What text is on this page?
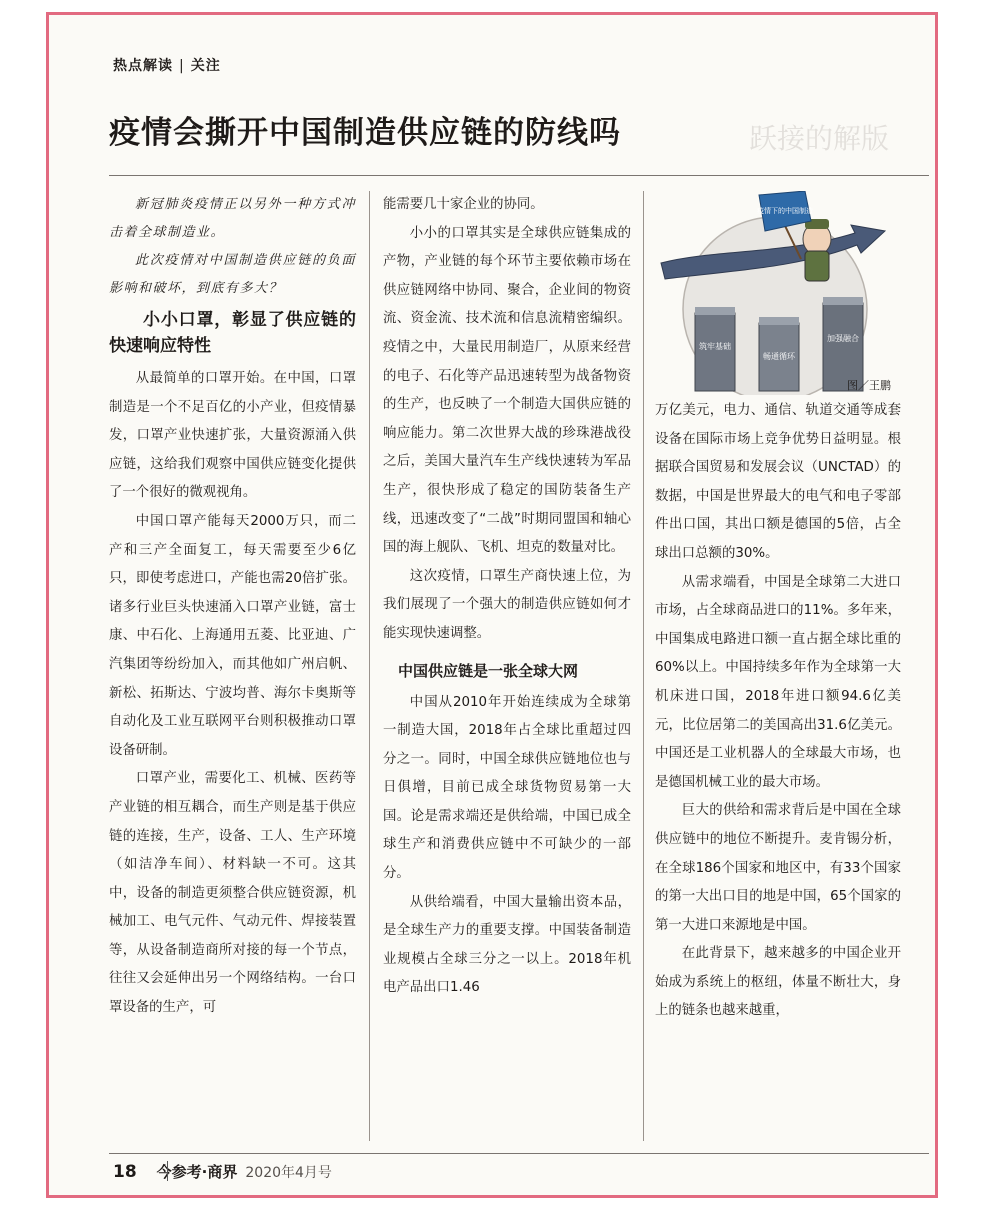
热点解读 | 关注
跃接的解版
疫情会撕开中国制造供应链的防线吗

新冠肺炎疫情正以另外一种方式冲击着全球制造业。

此次疫情对中国制造供应链的负面影响和破坏，到底有多大？

小小口罩，彰显了供应链的快速响应特性

从最简单的口罩开始。在中国，口罩制造是一个不足百亿的小产业，但疫情暴发，口罩产业快速扩张，大量资源涌入供应链，这给我们观察中国供应链变化提供了一个很好的微观视角。

中国口罩产能每天2000万只，而二产和三产全面复工，每天需要至少6亿只，即使考虑进口，产能也需20倍扩张。诸多行业巨头快速涌入口罩产业链，富士康、中石化、上海通用五菱、比亚迪、广汽集团等纷纷加入，而其他如广州启帆、新松、拓斯达、宁波均普、海尔卡奥斯等自动化及工业互联网平台则积极推动口罩设备研制。

口罩产业，需要化工、机械、医药等产业链的相互耦合，而生产则是基于供应链的连接，生产，设备、工人、生产环境（如洁净车间）、材料缺一不可。这其中，设备的制造更须整合供应链资源，机械加工、电气元件、气动元件、焊接装置等，从设备制造商所对接的每一个节点，往往又会延伸出另一个网络结构。一台口罩设备的生产，可

能需要几十家企业的协同。

小小的口罩其实是全球供应链集成的产物，产业链的每个环节主要依赖市场在供应链网络中协同、聚合，企业间的物资流、资金流、技术流和信息流精密编织。疫情之中，大量民用制造厂，从原来经营的电子、石化等产品迅速转型为战备物资的生产，也反映了一个制造大国供应链的响应能力。第二次世界大战的珍珠港战役之后，美国大量汽车生产线快速转为军品生产，很快形成了稳定的国防装备生产线，迅速改变了“二战”时期同盟国和轴心国的海上舰队、飞机、坦克的数量对比。

这次疫情，口罩生产商快速上位，为我们展现了一个强大的制造供应链如何才能实现快速调整。

中国供应链是一张全球大网

中国从2010年开始连续成为全球第一制造大国，2018年占全球比重超过四分之一。同时，中国全球供应链地位也与日俱增，目前已成全球货物贸易第一大国。论是需求端还是供给端，中国已成全球生产和消费供应链中不可缺少的一部分。

从供给端看，中国大量输出资本品，是全球生产力的重要支撑。中国装备制造业规模占全球三分之一以上。2018年机电产品出口1.46

疫情下的中国制造
筑牢基础
畅通循环
加强融合
图／王鹏

万亿美元，电力、通信、轨道交通等成套设备在国际市场上竞争优势日益明显。根据联合国贸易和发展会议（UNCTAD）的数据，中国是世界最大的电气和电子零部件出口国，其出口额是德国的5倍，占全球出口总额的30%。

从需求端看，中国是全球第二大进口市场，占全球商品进口的11%。多年来，中国集成电路进口额一直占据全球比重的60%以上。中国持续多年作为全球第一大机床进口国，2018年进口额94.6亿美元，比位居第二的美国高出31.6亿美元。中国还是工业机器人的全球最大市场，也是德国机械工业的最大市场。

巨大的供给和需求背后是中国在全球供应链中的地位不断提升。麦肯锡分析，在全球186个国家和地区中，有33个国家的第一大出口目的地是中国，65个国家的第一大进口来源地是中国。

在此背景下，越来越多的中国企业开始成为系统上的枢纽，体量不断壮大，身上的链条也越来越重，

18 今参考·商界 2020年4月号
